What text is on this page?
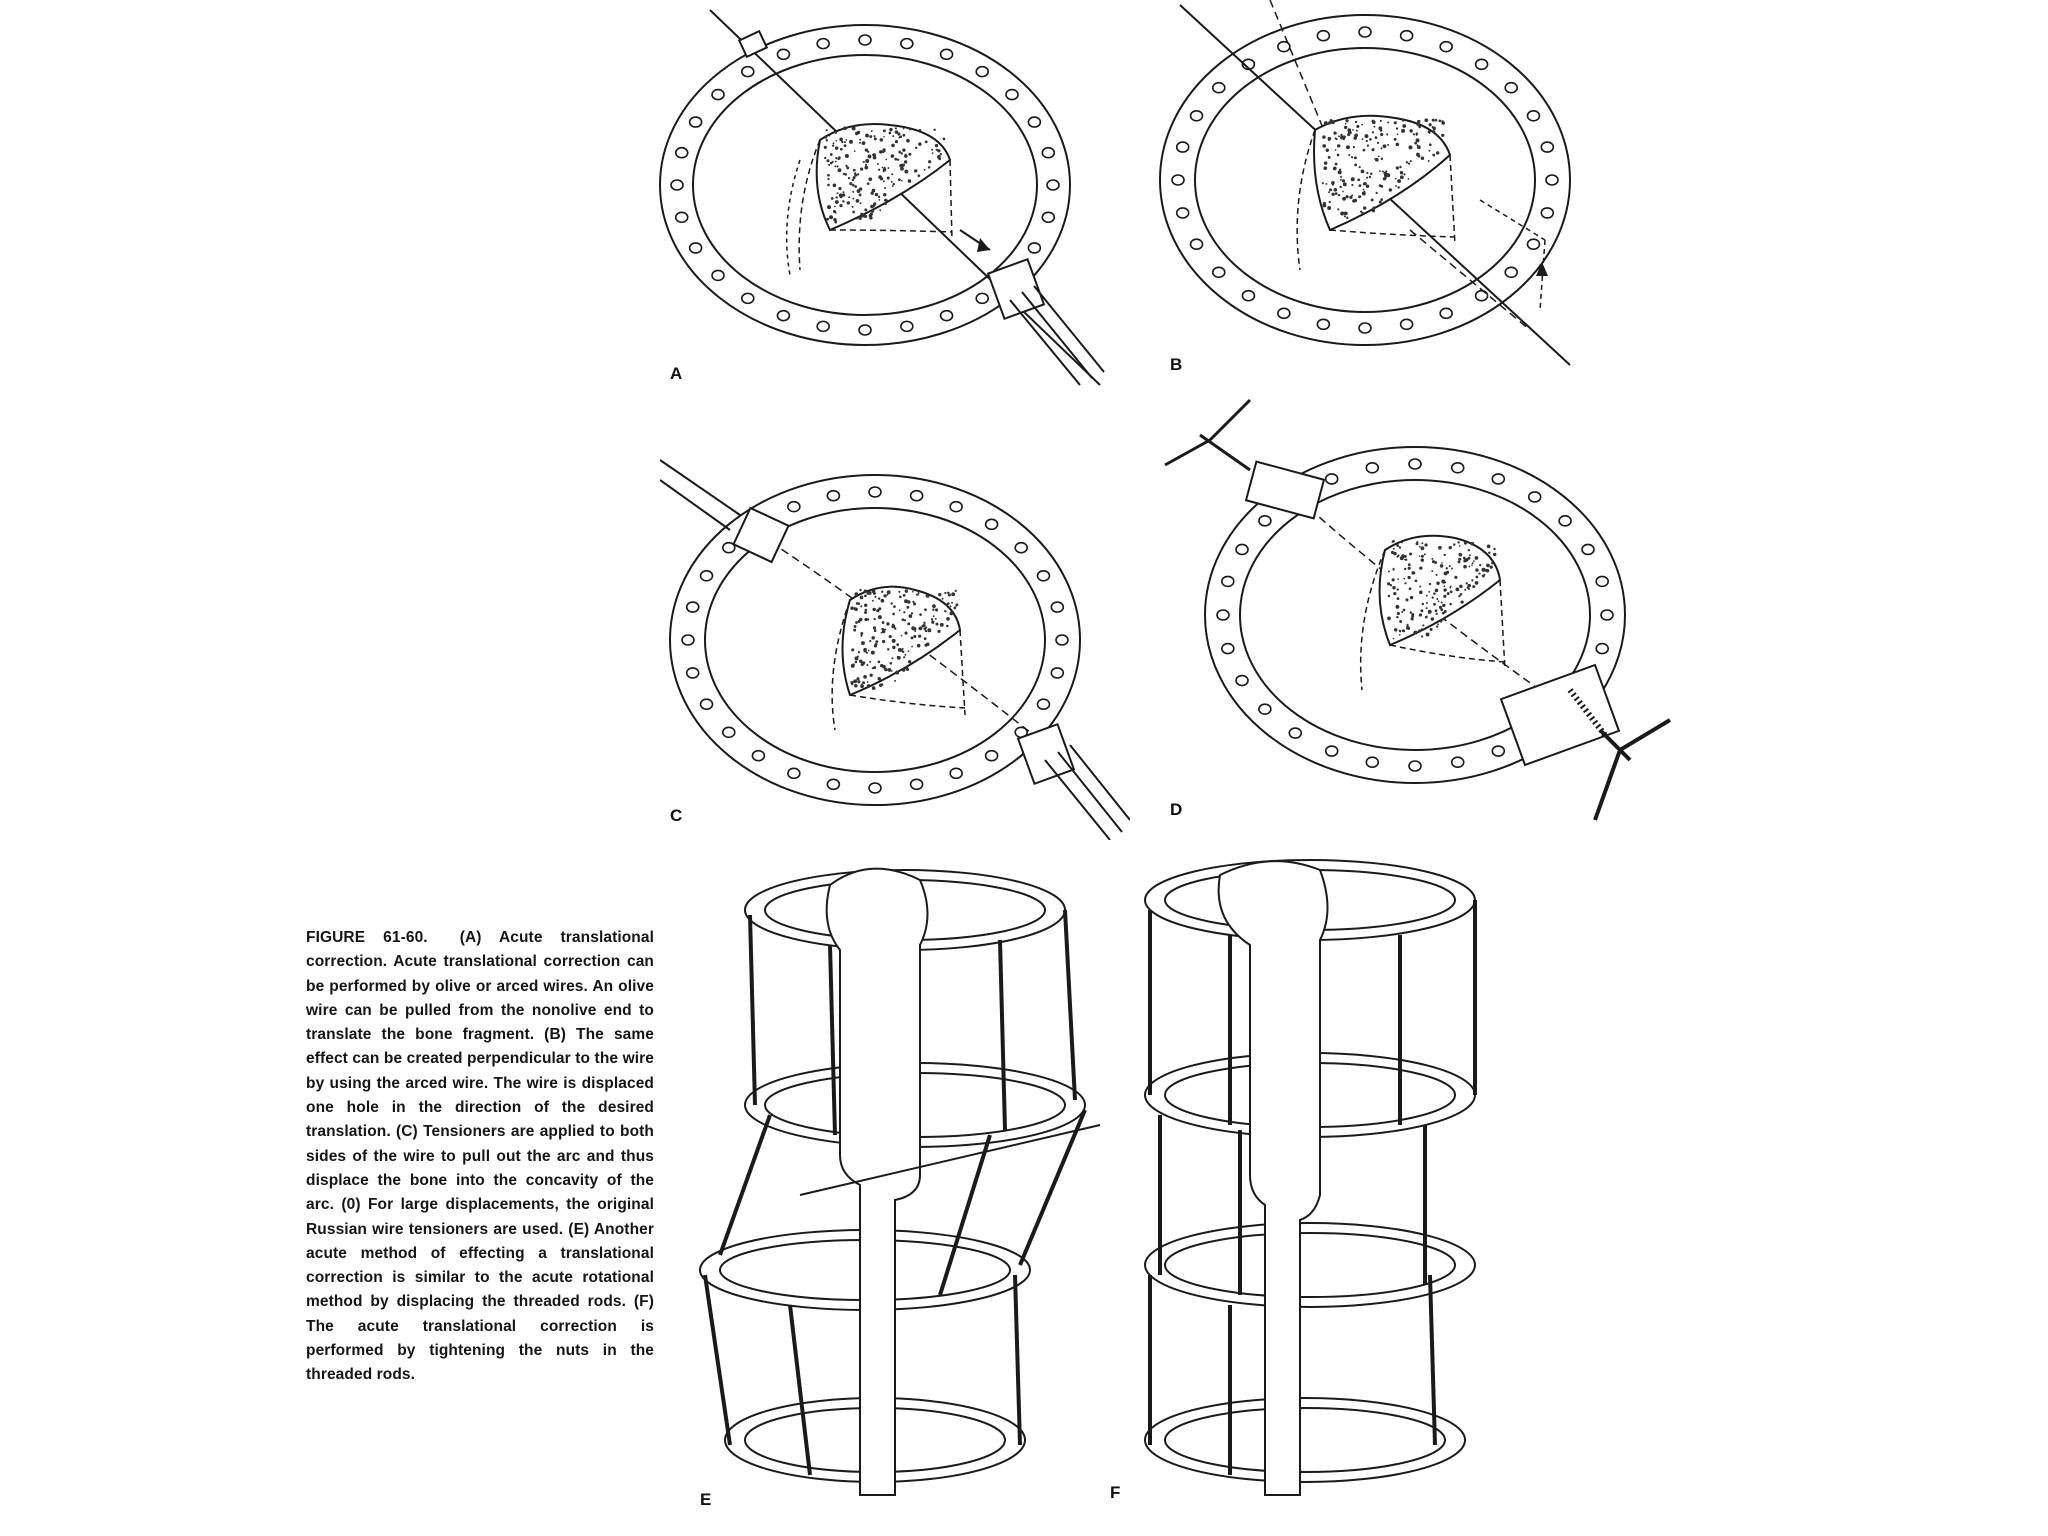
A	B
C	D
E	F
FIGURE 61-60. (A) Acute translational correction. Acute translational correction can be performed by olive or arced wires. An olive wire can be pulled from the nonolive end to translate the bone fragment. (B) The same effect can be created perpendicular to the wire by using the arced wire. The wire is displaced one hole in the direction of the desired translation. (C) Tensioners are applied to both sides of the wire to pull out the arc and thus displace the bone into the concavity of the arc. (0) For large displacements, the original Russian wire tensioners are used. (E) Another acute method of effecting a translational correction is similar to the acute rotational method by displacing the threaded rods. (F) The acute translational correction is performed by tightening the nuts in the threaded rods.
